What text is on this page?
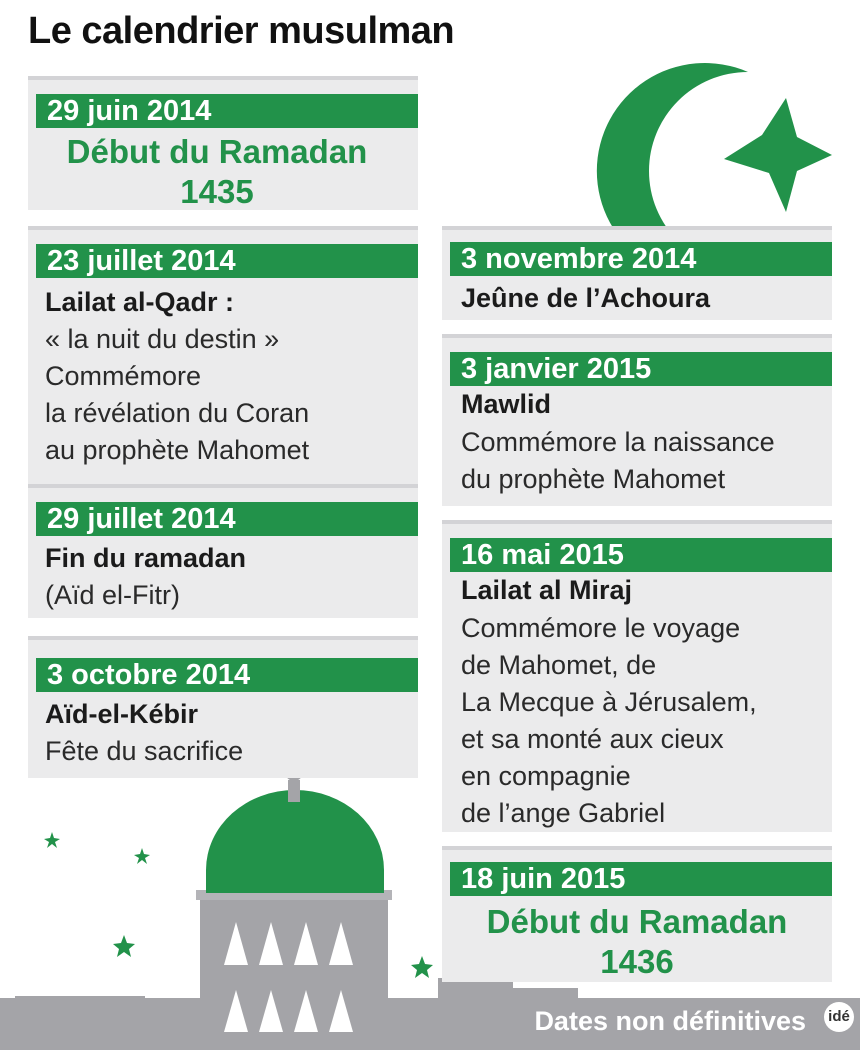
Le calendrier musulman
29 juin 2014
Début du Ramadan
1435
23 juillet 2014
Lailat al-Qadr :
« la nuit du destin »
Commémore
la révélation du Coran
au prophète Mahomet
29 juillet 2014
Fin du ramadan
(Aïd el-Fitr)
3 octobre 2014
Aïd-el-Kébir
Fête du sacrifice
3 novembre 2014
Jeûne de l’Achoura
3 janvier 2015
Mawlid
Commémore la naissance
du prophète Mahomet
16 mai 2015
Lailat al Miraj
Commémore le voyage
de Mahomet, de
La Mecque à Jérusalem,
et sa monté aux cieux
en compagnie
de l’ange Gabriel
18 juin 2015
Début du Ramadan
1436
Dates non définitives idé
